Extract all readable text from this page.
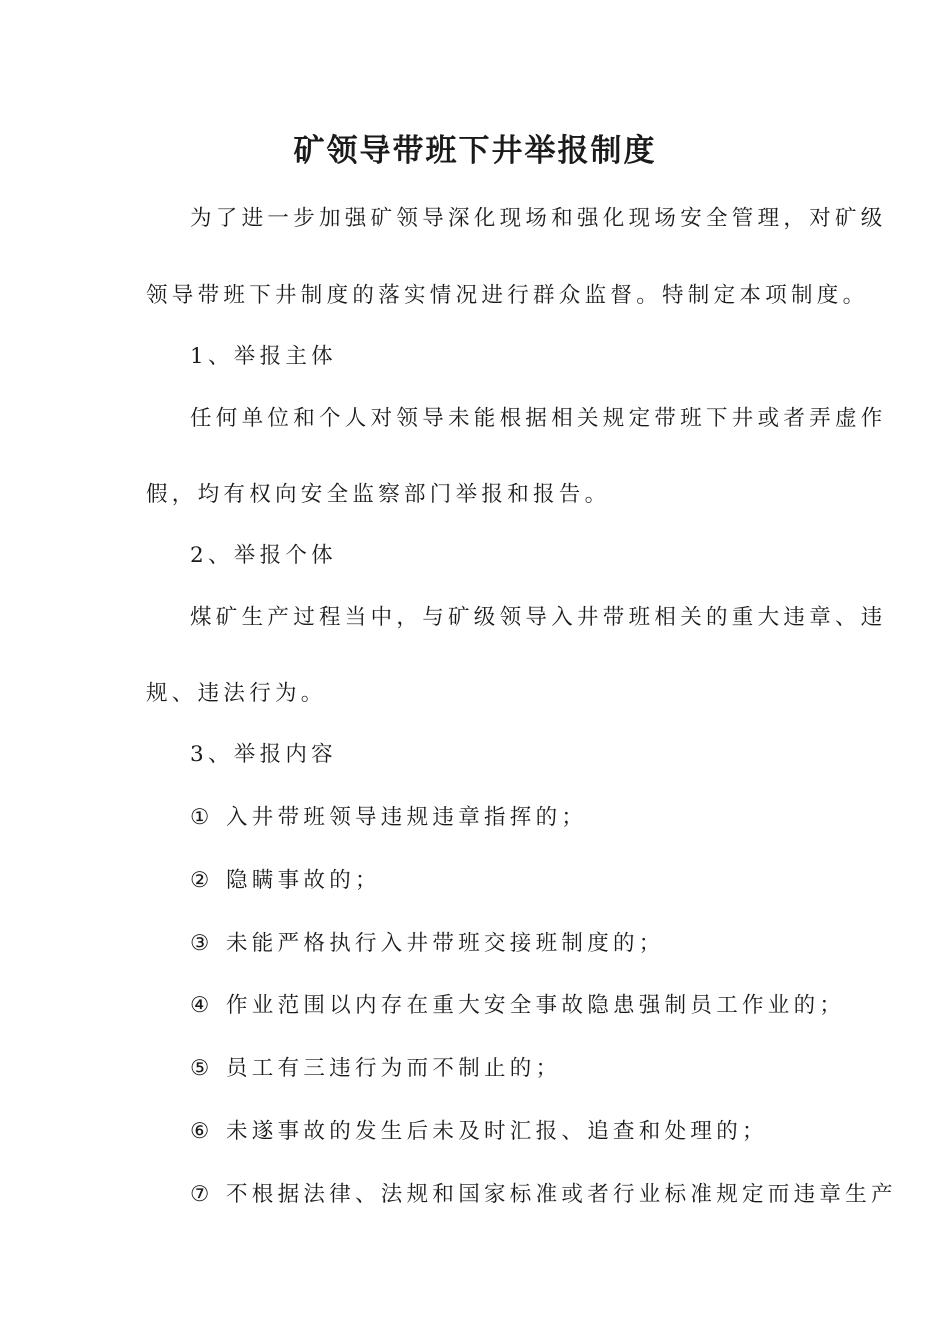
矿领导带班下井举报制度
为了进一步加强矿领导深化现场和强化现场安全管理，对矿级
领导带班下井制度的落实情况进行群众监督。特制定本项制度。
1、举报主体
任何单位和个人对领导未能根据相关规定带班下井或者弄虚作
假，均有权向安全监察部门举报和报告。
2、举报个体
煤矿生产过程当中，与矿级领导入井带班相关的重大违章、违
规、违法行为。
3、举报内容
① 入井带班领导违规违章指挥的；
② 隐瞒事故的；
③ 未能严格执行入井带班交接班制度的；
④ 作业范围以内存在重大安全事故隐患强制员工作业的；
⑤ 员工有三违行为而不制止的；
⑥ 未遂事故的发生后未及时汇报、追查和处理的；
⑦ 不根据法律、法规和国家标准或者行业标准规定而违章生产
